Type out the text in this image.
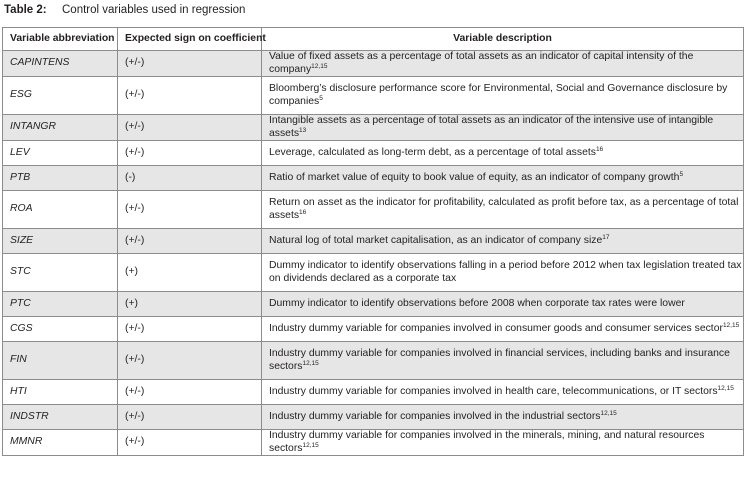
Table 2: Control variables used in regression
Variable abbreviation	Expected sign on coefficient	Variable description
CAPINTENS	(+/-)	Value of fixed assets as a percentage of total assets as an indicator of capital intensity of the company$^{12,15}$
ESG	(+/-)	Bloomberg’s disclosure performance score for Environmental, Social and Governance disclosure by companies$^5$
INTANGR	(+/-)	Intangible assets as a percentage of total assets as an indicator of the intensive use of intangible assets$^{13}$
LEV	(+/-)	Leverage, calculated as long-term debt, as a percentage of total assets$^{16}$
PTB	(-)	Ratio of market value of equity to book value of equity, as an indicator of company growth$^5$
ROA	(+/-)	Return on asset as the indicator for profitability, calculated as profit before tax, as a percentage of total assets$^{16}$
SIZE	(+/-)	Natural log of total market capitalisation, as an indicator of company size$^{17}$
STC	(+)	Dummy indicator to identify observations falling in a period before 2012 when tax legislation treated tax on dividends declared as a corporate tax
PTC	(+)	Dummy indicator to identify observations before 2008 when corporate tax rates were lower
CGS	(+/-)	Industry dummy variable for companies involved in consumer goods and consumer services sector$^{12,15}$
FIN	(+/-)	Industry dummy variable for companies involved in financial services, including banks and insurance sectors$^{12,15}$
HTI	(+/-)	Industry dummy variable for companies involved in health care, telecommunications, or IT sectors$^{12,15}$
INDSTR	(+/-)	Industry dummy variable for companies involved in the industrial sectors$^{12,15}$
MMNR	(+/-)	Industry dummy variable for companies involved in the minerals, mining, and natural resources sectors$^{12,15}$
